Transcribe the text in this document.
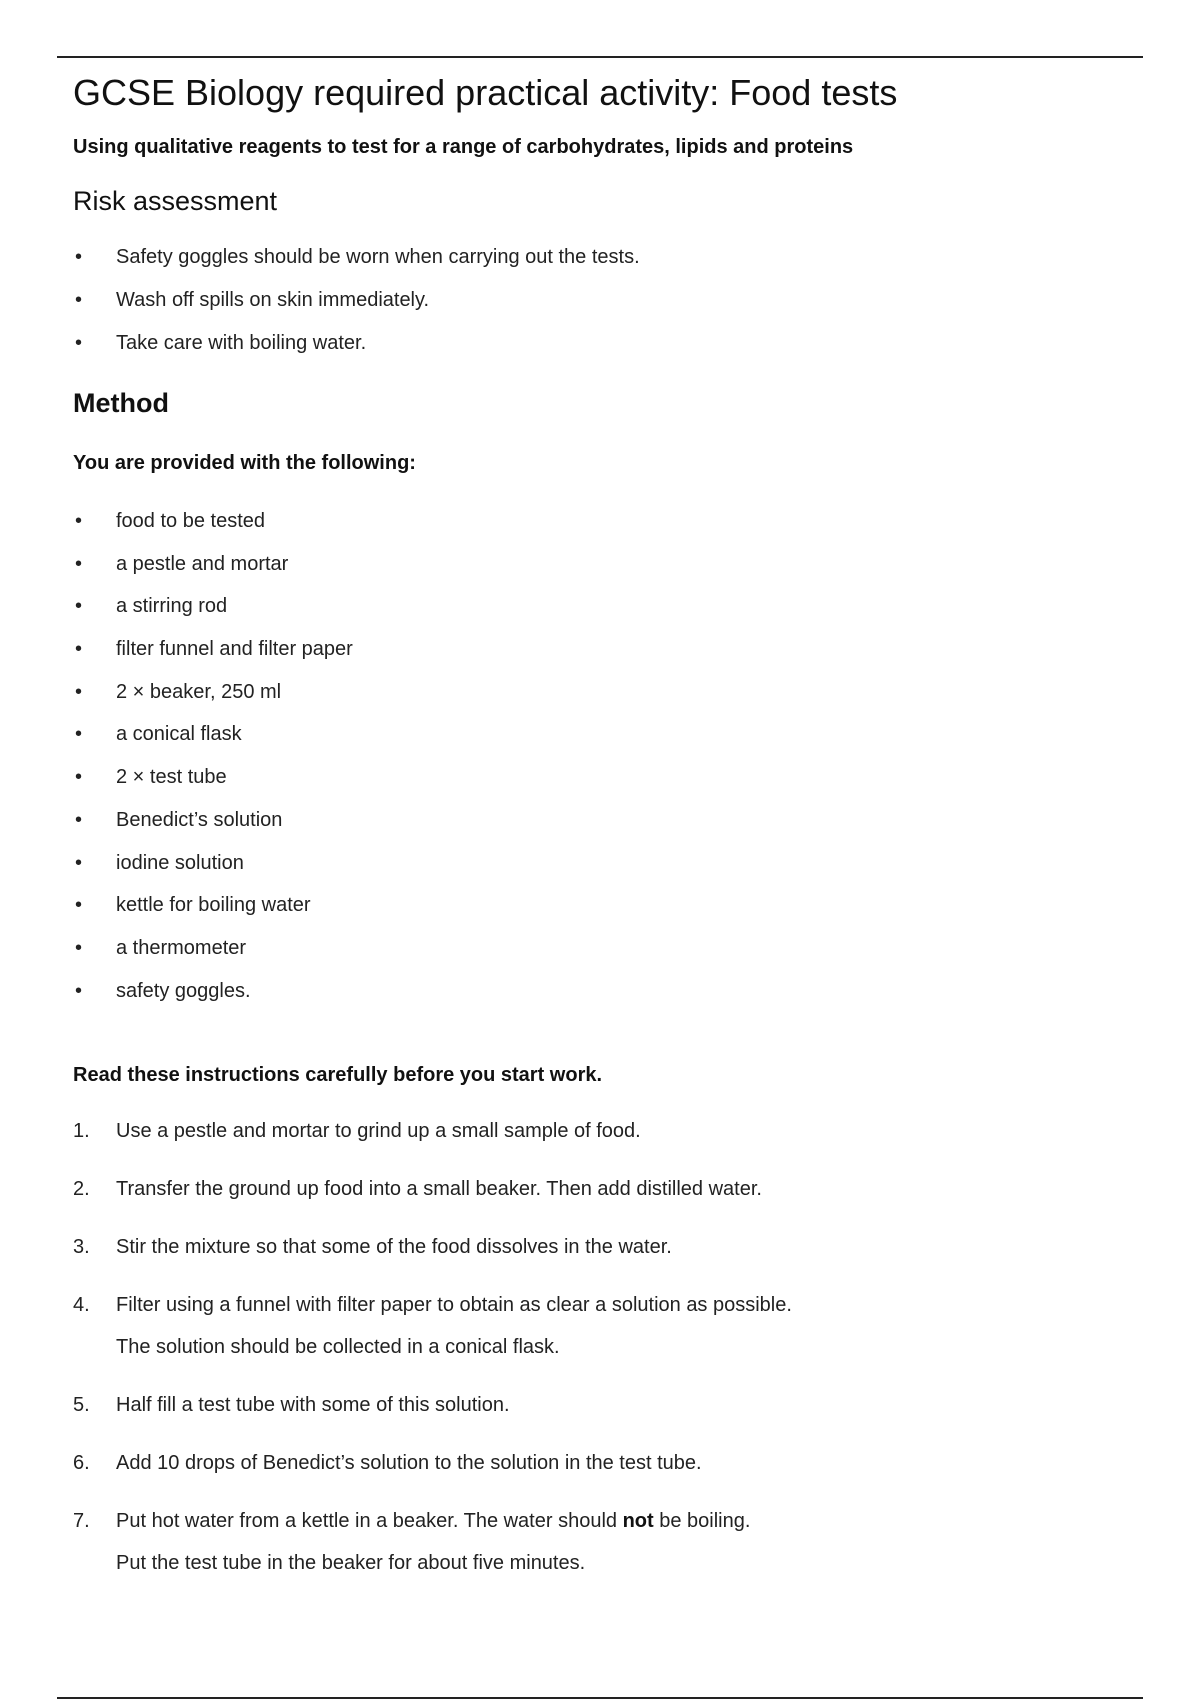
GCSE Biology required practical activity: Food tests

Using qualitative reagents to test for a range of carbohydrates, lipids and proteins

Risk assessment
• Safety goggles should be worn when carrying out the tests.
• Wash off spills on skin immediately.
• Take care with boiling water.
Method

You are provided with the following:

• food to be tested
• a pestle and mortar
• a stirring rod
• filter funnel and filter paper
• 2 × beaker, 250 ml
• a conical flask
• 2 × test tube
• Benedict’s solution
• iodine solution
• kettle for boiling water
• a thermometer
• safety goggles.

Read these instructions carefully before you start work.

1. Use a pestle and mortar to grind up a small sample of food.
2. Transfer the ground up food into a small beaker. Then add distilled water.
3. Stir the mixture so that some of the food dissolves in the water.
4. Filter using a funnel with filter paper to obtain as clear a solution as possible.
The solution should be collected in a conical flask.
5. Half fill a test tube with some of this solution.
6. Add 10 drops of Benedict’s solution to the solution in the test tube.
7. Put hot water from a kettle in a beaker. The water should not be boiling.
Put the test tube in the beaker for about five minutes.
